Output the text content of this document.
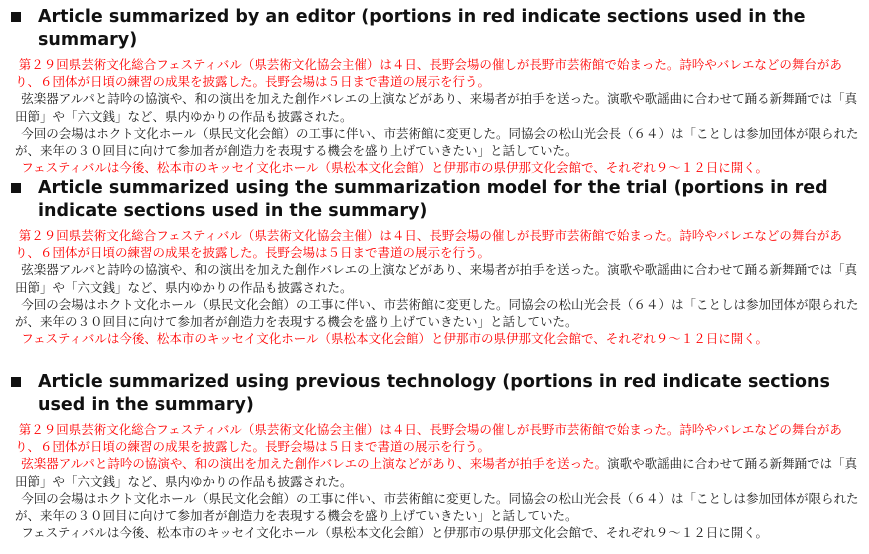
Article summarized by an editor (portions in red indicate sections used in the summary)

第２９回県芸術文化総合フェスティバル（県芸術文化協会主催）は４日、長野会場の催しが長野市芸術館で始まった。詩吟やバレエなどの舞台があり、６団体が日頃の練習の成果を披露した。長野会場は５日まで書道の展示を行う。

弦楽器アルパと詩吟の協演や、和の演出を加えた創作バレエの上演などがあり、来場者が拍手を送った。演歌や歌謡曲に合わせて踊る新舞踊では「真田節」や「六文銭」など、県内ゆかりの作品も披露された。

今回の会場はホクト文化ホール（県民文化会館）の工事に伴い、市芸術館に変更した。同協会の松山光会長（６４）は「ことしは参加団体が限られたが、来年の３０回目に向けて参加者が創造力を表現する機会を盛り上げていきたい」と話していた。

フェスティバルは今後、松本市のキッセイ文化ホール（県松本文化会館）と伊那市の県伊那文化会館で、それぞれ９～１２日に開く。

Article summarized using the summarization model for the trial (portions in red indicate sections used in the summary)

第２９回県芸術文化総合フェスティバル（県芸術文化協会主催）は４日、長野会場の催しが長野市芸術館で始まった。詩吟やバレエなどの舞台があり、６団体が日頃の練習の成果を披露した。長野会場は５日まで書道の展示を行う。

弦楽器アルパと詩吟の協演や、和の演出を加えた創作バレエの上演などがあり、来場者が拍手を送った。演歌や歌謡曲に合わせて踊る新舞踊では「真田節」や「六文銭」など、県内ゆかりの作品も披露された。

今回の会場はホクト文化ホール（県民文化会館）の工事に伴い、市芸術館に変更した。同協会の松山光会長（６４）は「ことしは参加団体が限られたが、来年の３０回目に向けて参加者が創造力を表現する機会を盛り上げていきたい」と話していた。

フェスティバルは今後、松本市のキッセイ文化ホール（県松本文化会館）と伊那市の県伊那文化会館で、それぞれ９～１２日に開く。

Article summarized using previous technology (portions in red indicate sections used in the summary)

第２９回県芸術文化総合フェスティバル（県芸術文化協会主催）は４日、長野会場の催しが長野市芸術館で始まった。詩吟やバレエなどの舞台があり、６団体が日頃の練習の成果を披露した。長野会場は５日まで書道の展示を行う。

弦楽器アルパと詩吟の協演や、和の演出を加えた創作バレエの上演などがあり、来場者が拍手を送った。演歌や歌謡曲に合わせて踊る新舞踊では「真田節」や「六文銭」など、県内ゆかりの作品も披露された。

今回の会場はホクト文化ホール（県民文化会館）の工事に伴い、市芸術館に変更した。同協会の松山光会長（６４）は「ことしは参加団体が限られたが、来年の３０回目に向けて参加者が創造力を表現する機会を盛り上げていきたい」と話していた。

フェスティバルは今後、松本市のキッセイ文化ホール（県松本文化会館）と伊那市の県伊那文化会館で、それぞれ９～１２日に開く。
